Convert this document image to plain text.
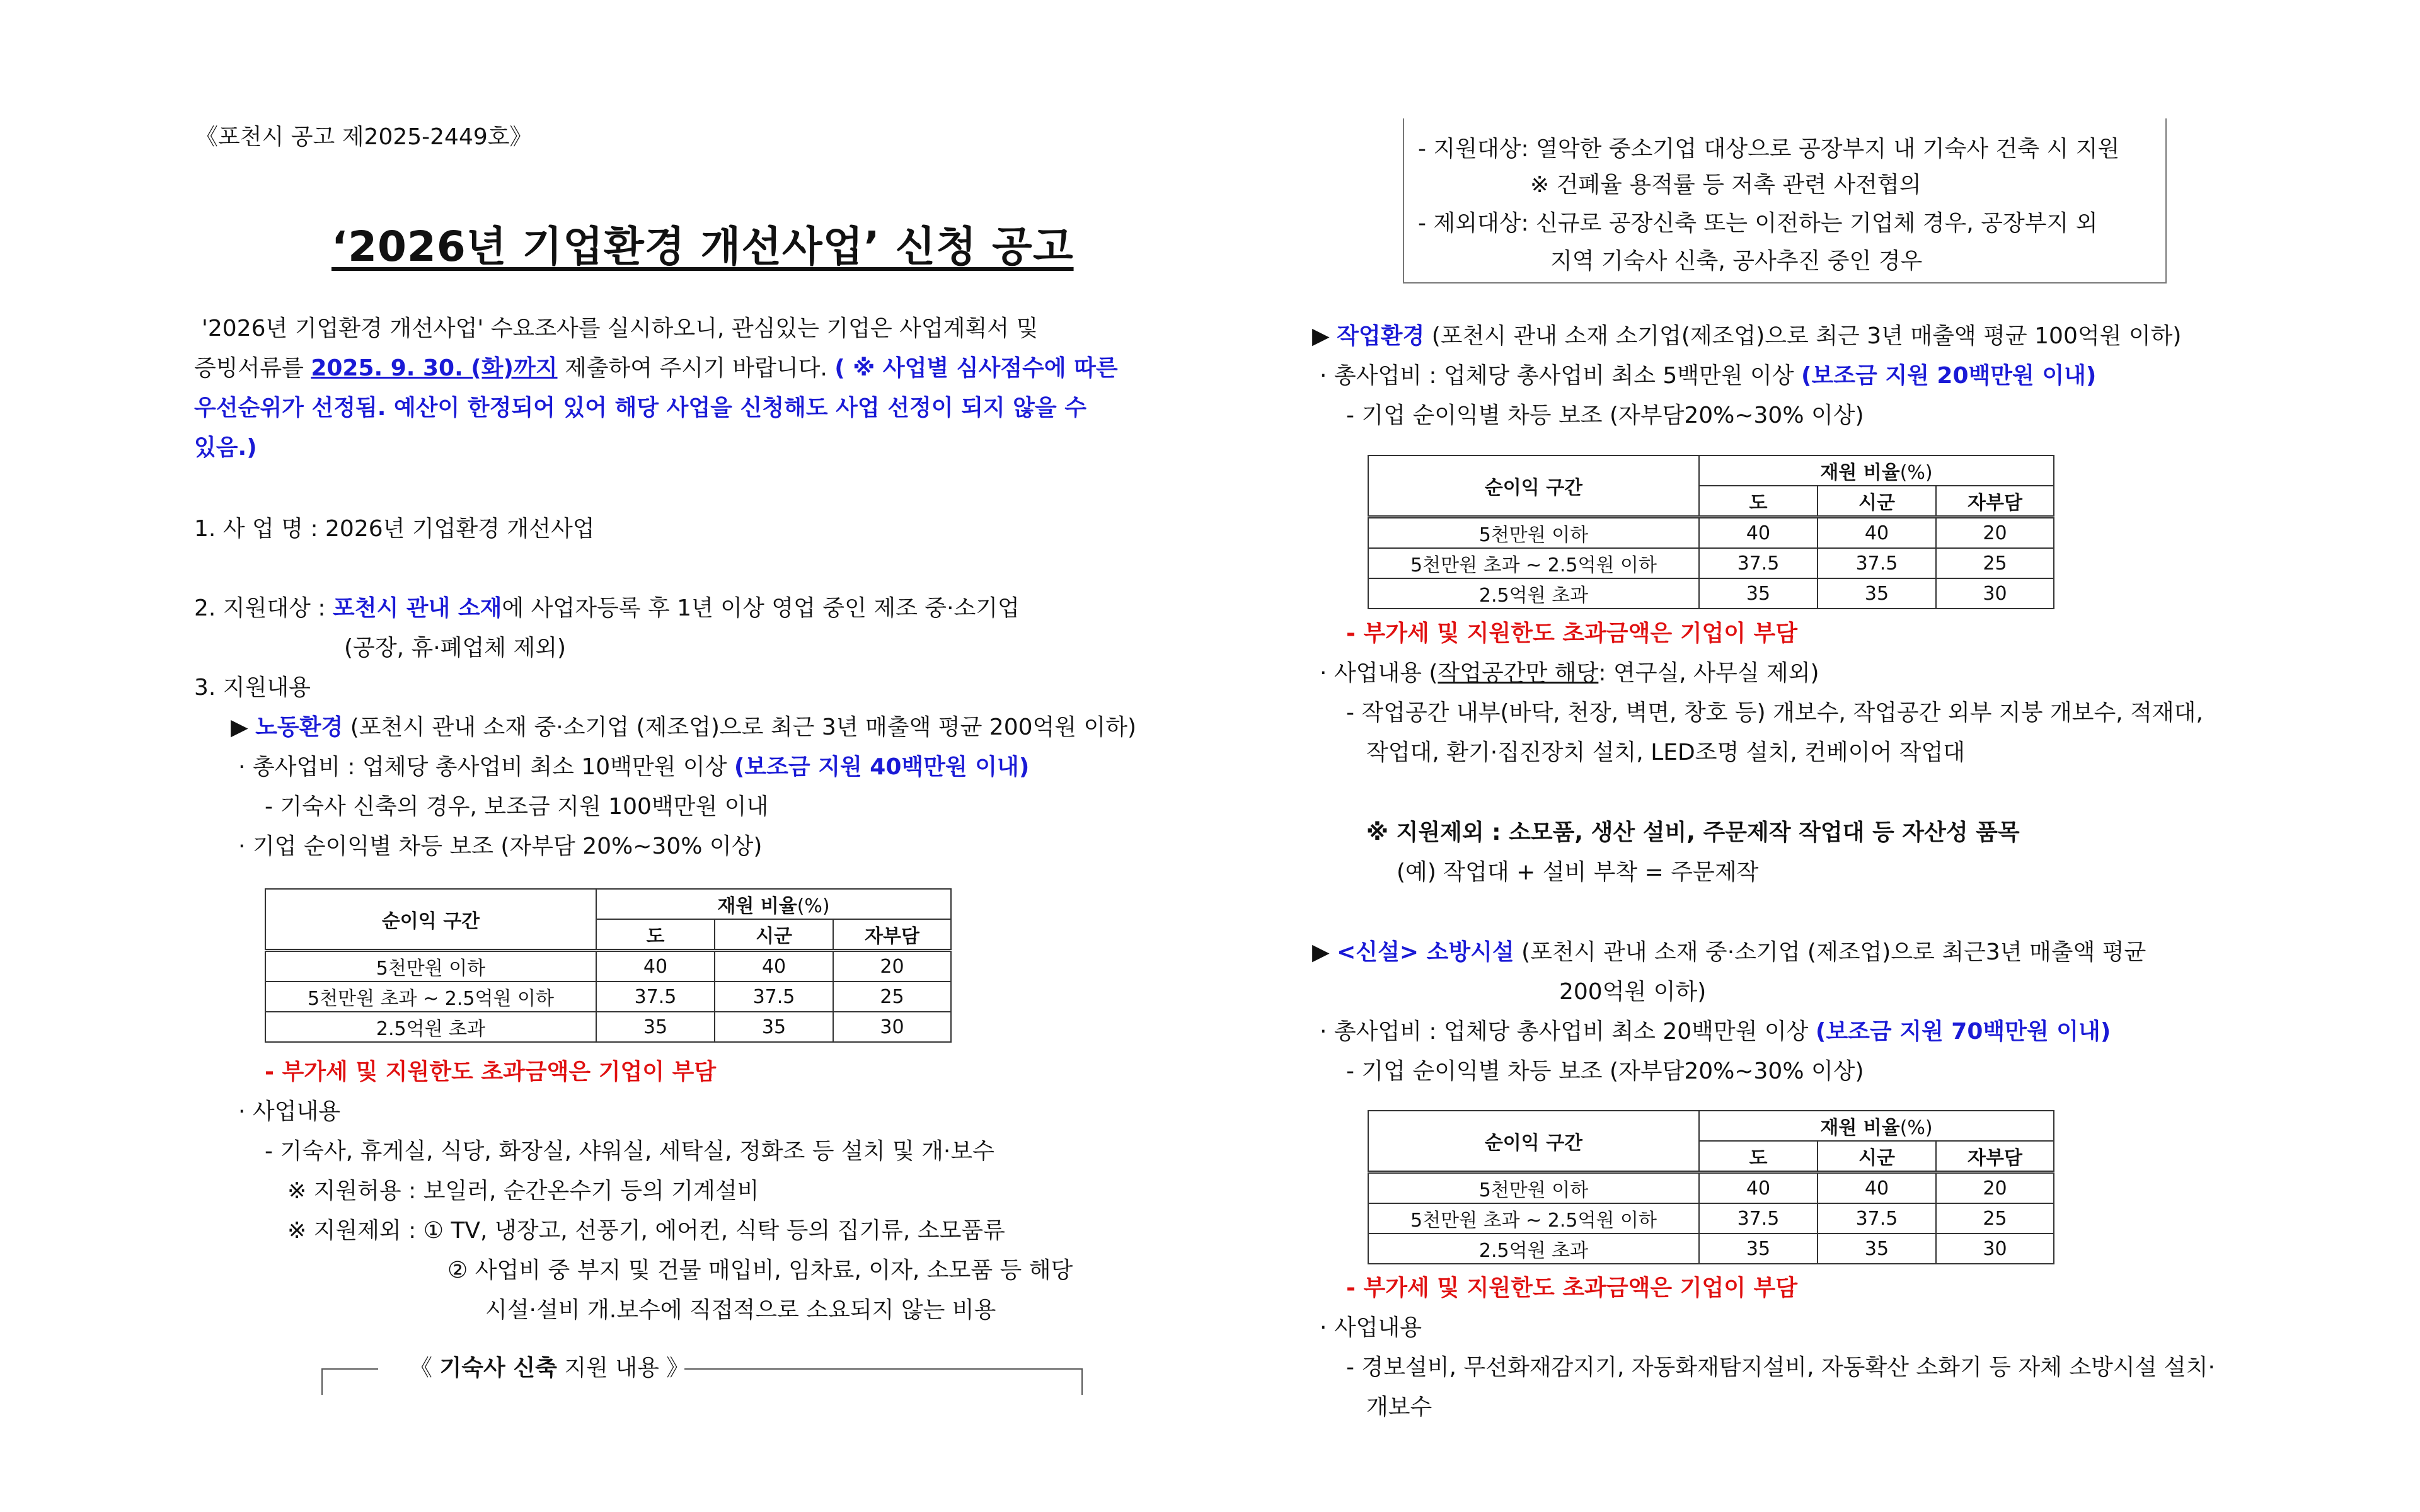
《포천시 공고 제2025-2449호》
‘2026년 기업환경 개선사업’ 신청 공고
'2026년 기업환경 개선사업' 수요조사를 실시하오니, 관심있는 기업은 사업계획서 및
증빙서류를 2025. 9. 30. (화)까지 제출하여 주시기 바랍니다. ( ※ 사업별 심사점수에 따른
우선순위가 선정됨. 예산이 한정되어 있어 해당 사업을 신청해도 사업 선정이 되지 않을 수
있음.)
1. 사 업 명 : 2026년 기업환경 개선사업
2. 지원대상 : 포천시 관내 소재에 사업자등록 후 1년 이상 영업 중인 제조 중·소기업
(공장, 휴·폐업체 제외)
3. 지원내용
▶ 노동환경 (포천시 관내 소재 중·소기업 (제조업)으로 최근 3년 매출액 평균 200억원 이하)
· 총사업비 : 업체당 총사업비 최소 10백만원 이상 (보조금 지원 40백만원 이내)
- 기숙사 신축의 경우, 보조금 지원 100백만원 이내
· 기업 순이익별 차등 보조 (자부담 20%~30% 이상)
순이익 구간	재원 비율(%)		
	도	시군	자부담
5천만원 이하	40	40	20
5천만원 초과 ~ 2.5억원 이하	37.5	37.5	25
2.5억원 초과	35	35	30
- 부가세 및 지원한도 초과금액은 기업이 부담
· 사업내용
- 기숙사, 휴게실, 식당, 화장실, 샤워실, 세탁실, 정화조 등 설치 및 개·보수
※ 지원허용 : 보일러, 순간온수기 등의 기계설비
※ 지원제외 : ① TV, 냉장고, 선풍기, 에어컨, 식탁 등의 집기류, 소모품류
② 사업비 중 부지 및 건물 매입비, 임차료, 이자, 소모품 등 해당
시설·설비 개.보수에 직접적으로 소요되지 않는 비용
《 기숙사 신축 지원 내용 》
- 지원대상: 열악한 중소기업 대상으로 공장부지 내 기숙사 건축 시 지원
※ 건폐율 용적률 등 저촉 관련 사전협의
- 제외대상: 신규로 공장신축 또는 이전하는 기업체 경우, 공장부지 외
지역 기숙사 신축, 공사추진 중인 경우
▶ 작업환경 (포천시 관내 소재 소기업(제조업)으로 최근 3년 매출액 평균 100억원 이하)
· 총사업비 : 업체당 총사업비 최소 5백만원 이상 (보조금 지원 20백만원 이내)
- 기업 순이익별 차등 보조 (자부담20%~30% 이상)
순이익 구간	재원 비율(%)		
	도	시군	자부담
5천만원 이하	40	40	20
5천만원 초과 ~ 2.5억원 이하	37.5	37.5	25
2.5억원 초과	35	35	30
- 부가세 및 지원한도 초과금액은 기업이 부담
· 사업내용 (작업공간만 해당: 연구실, 사무실 제외)
- 작업공간 내부(바닥, 천장, 벽면, 창호 등) 개보수, 작업공간 외부 지붕 개보수, 적재대,
작업대, 환기·집진장치 설치, LED조명 설치, 컨베이어 작업대
※ 지원제외 : 소모품, 생산 설비, 주문제작 작업대 등 자산성 품목
(예) 작업대 + 설비 부착 = 주문제작
▶ <신설> 소방시설 (포천시 관내 소재 중·소기업 (제조업)으로 최근3년 매출액 평균
200억원 이하)
· 총사업비 : 업체당 총사업비 최소 20백만원 이상 (보조금 지원 70백만원 이내)
- 기업 순이익별 차등 보조 (자부담20%~30% 이상)
순이익 구간	재원 비율(%)		
	도	시군	자부담
5천만원 이하	40	40	20
5천만원 초과 ~ 2.5억원 이하	37.5	37.5	25
2.5억원 초과	35	35	30
- 부가세 및 지원한도 초과금액은 기업이 부담
· 사업내용
- 경보설비, 무선화재감지기, 자동화재탐지설비, 자동확산 소화기 등 자체 소방시설 설치·
개보수
